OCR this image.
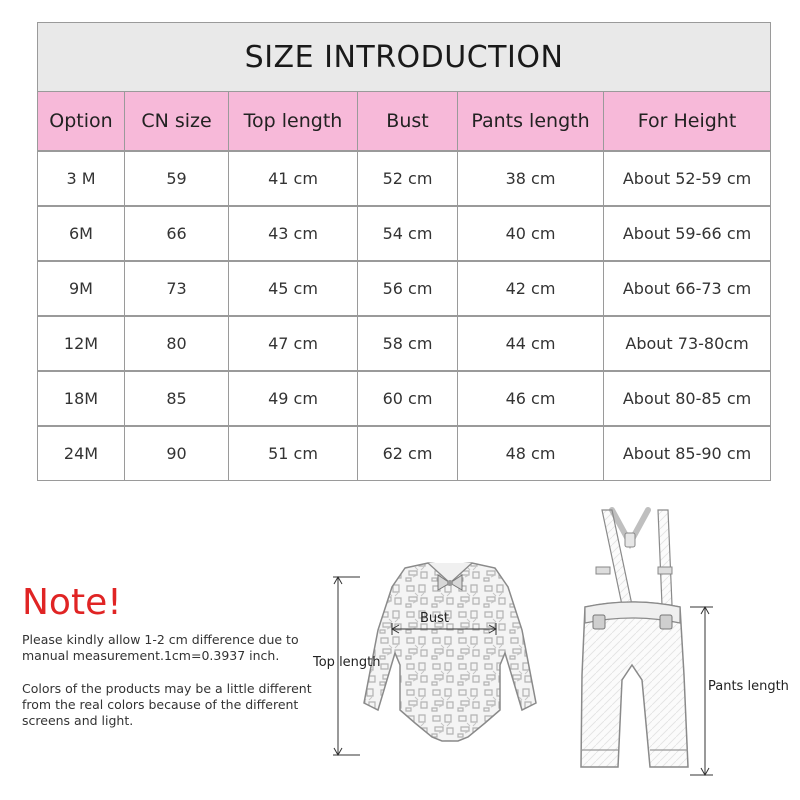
SIZE INTRODUCTION					
Option	CN size	Top length	Bust	Pants length	For Height
3 M	59	41 cm	52 cm	38 cm	About 52-59 cm
6M	66	43 cm	54 cm	40 cm	About 59-66 cm
9M	73	45 cm	56 cm	42 cm	About 66-73 cm
12M	80	47 cm	58 cm	44 cm	About 73-80cm
18M	85	49 cm	60 cm	46 cm	About 80-85 cm
24M	90	51 cm	62 cm	48 cm	About 85-90 cm
Note!
Please kindly allow 1-2 cm difference due to manual measurement.1cm=0.3937 inch.
Colors of the products may be a little different from the real colors because of the different screens and light.
Top length
Bust
Pants length
